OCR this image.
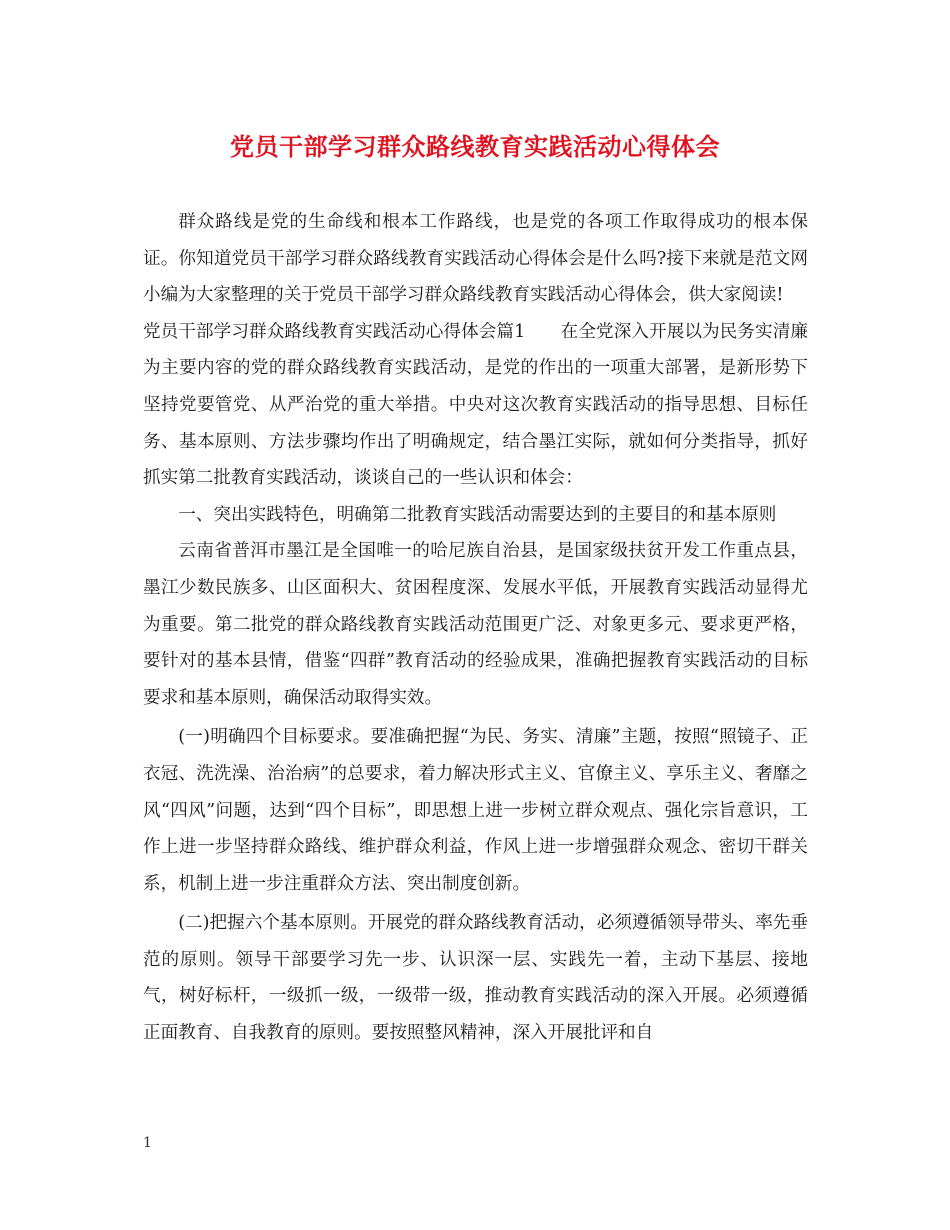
党员干部学习群众路线教育实践活动心得体会

群众路线是党的生命线和根本工作路线，也是党的各项工作取得成功的根本保证。你知道党员干部学习群众路线教育实践活动心得体会是什么吗?接下来就是范文网小编为大家整理的关于党员干部学习群众路线教育实践活动心得体会，供大家阅读!

党员干部学习群众路线教育实践活动心得体会篇1　　在全党深入开展以为民务实清廉为主要内容的党的群众路线教育实践活动，是党的作出的一项重大部署，是新形势下坚持党要管党、从严治党的重大举措。中央对这次教育实践活动的指导思想、目标任务、基本原则、方法步骤均作出了明确规定，结合墨江实际，就如何分类指导，抓好抓实第二批教育实践活动，谈谈自己的一些认识和体会：

一、突出实践特色，明确第二批教育实践活动需要达到的主要目的和基本原则

云南省普洱市墨江是全国唯一的哈尼族自治县，是国家级扶贫开发工作重点县，墨江少数民族多、山区面积大、贫困程度深、发展水平低，开展教育实践活动显得尤为重要。第二批党的群众路线教育实践活动范围更广泛、对象更多元、要求更严格，要针对的基本县情，借鉴“四群”教育活动的经验成果，准确把握教育实践活动的目标要求和基本原则，确保活动取得实效。

(一)明确四个目标要求。要准确把握“为民、务实、清廉”主题，按照“照镜子、正衣冠、洗洗澡、治治病”的总要求，着力解决形式主义、官僚主义、享乐主义、奢靡之风“四风”问题，达到“四个目标”，即思想上进一步树立群众观点、强化宗旨意识，工作上进一步坚持群众路线、维护群众利益，作风上进一步增强群众观念、密切干群关系，机制上进一步注重群众方法、突出制度创新。

(二)把握六个基本原则。开展党的群众路线教育活动，必须遵循领导带头、率先垂范的原则。领导干部要学习先一步、认识深一层、实践先一着，主动下基层、接地气，树好标杆，一级抓一级，一级带一级，推动教育实践活动的深入开展。必须遵循正面教育、自我教育的原则。要按照整风精神，深入开展批评和自

1
